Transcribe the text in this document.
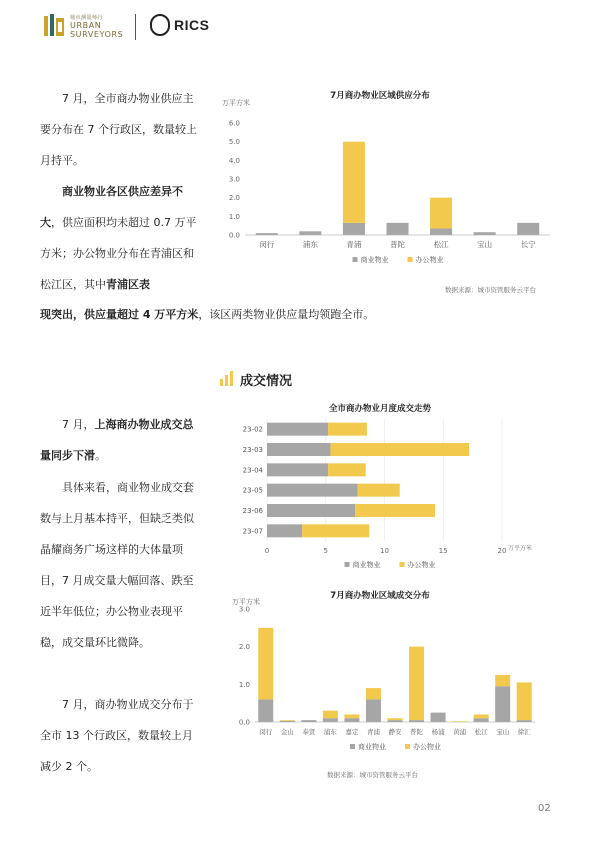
城市测量师行
URBAN
SURVEYORS
RICS
7 月，全市商办物业供应主要分布在 7 个行政区，数量较上月持平。
商业物业各区供应差异不大，供应面积均未超过 0.7 万平方米；办公物业分布在青浦区和松江区，其中青浦区表
现突出，供应量超过 4 万平方米，该区两类物业供应量均领跑全市。
7月商办物业区域供应分布
万平方米
0.0
1.0
2.0
3.0
4.0
5.0
6.0
闵行	浦东	青浦	普陀	松江	宝山	长宁
商业物业	办公物业
数据来源：城市资管服务云平台
成交情况
7 月，上海商办物业成交总量同步下滑。
具体来看，商业物业成交套数与上月基本持平，但缺乏类似晶耀商务广场这样的大体量项目，7 月成交量大幅回落、跌至近半年低位；办公物业表现平稳，成交量环比微降。
7 月，商办物业成交分布于全市 13 个行政区，数量较上月减少 2 个。
全市商办物业月度成交走势
0	5	10	15	20 万平方米
23-02
23-03
23-04
23-05
23-06
23-07
商业物业	办公物业
7月商办物业区域成交分布
万平方米
0.0
1.0
2.0
3.0
闵行 金山 奉贤 浦东 嘉定 青浦 静安 普陀 杨浦 黄浦 松江 宝山 徐汇
商业物业	办公物业
数据来源：城市资管服务云平台
02
